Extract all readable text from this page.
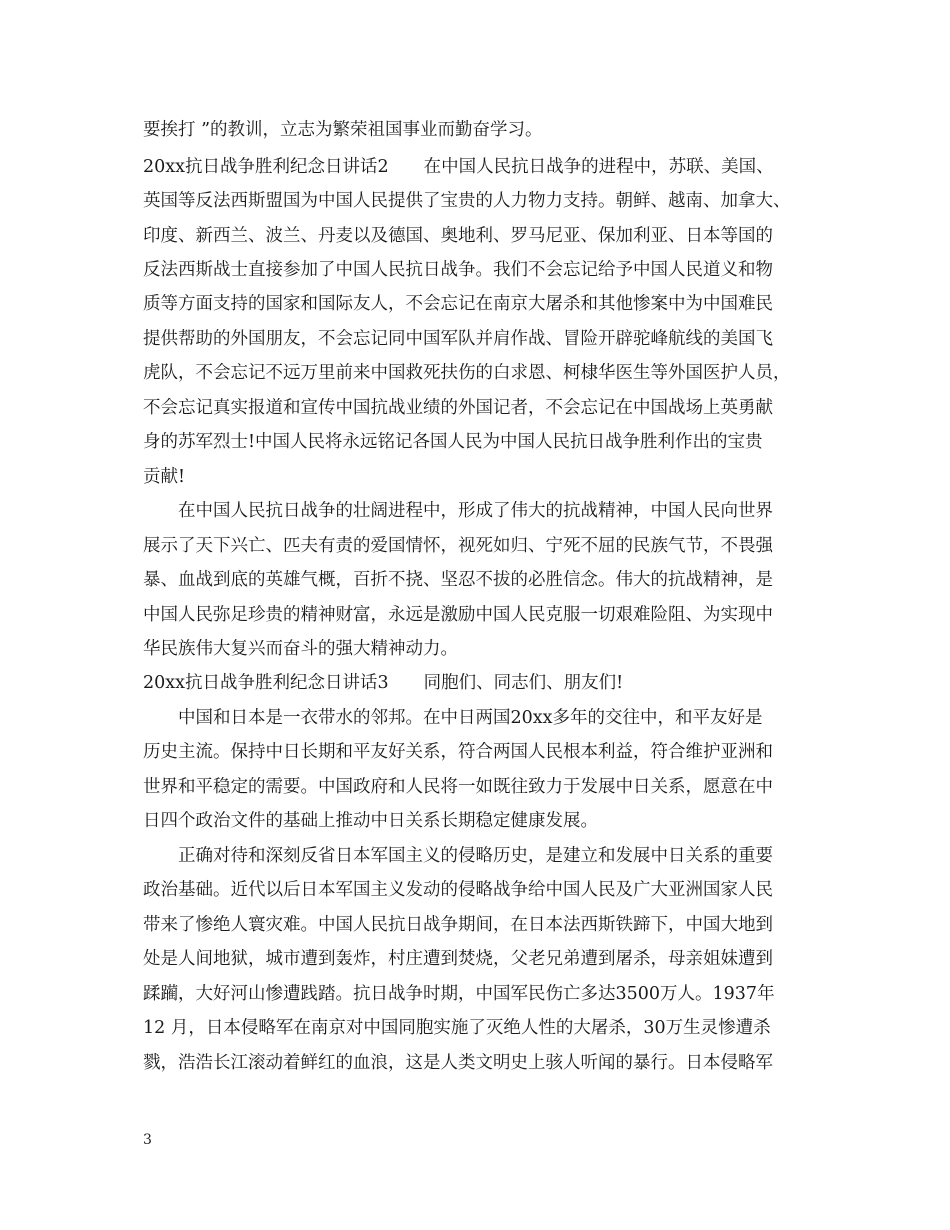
要挨打 ”的教训，立志为繁荣祖国事业而勤奋学习。
20xx抗日战争胜利纪念日讲话2　　在中国人民抗日战争的进程中，苏联、美国、
英国等反法西斯盟国为中国人民提供了宝贵的人力物力支持。朝鲜、越南、加拿大、
印度、新西兰、波兰、丹麦以及德国、奥地利、罗马尼亚、保加利亚、日本等国的
反法西斯战士直接参加了中国人民抗日战争。我们不会忘记给予中国人民道义和物
质等方面支持的国家和国际友人，不会忘记在南京大屠杀和其他惨案中为中国难民
提供帮助的外国朋友，不会忘记同中国军队并肩作战、冒险开辟驼峰航线的美国飞
虎队，不会忘记不远万里前来中国救死扶伤的白求恩、柯棣华医生等外国医护人员，
不会忘记真实报道和宣传中国抗战业绩的外国记者，不会忘记在中国战场上英勇献
身的苏军烈士!中国人民将永远铭记各国人民为中国人民抗日战争胜利作出的宝贵
贡献!
在中国人民抗日战争的壮阔进程中，形成了伟大的抗战精神，中国人民向世界
展示了天下兴亡、匹夫有责的爱国情怀，视死如归、宁死不屈的民族气节，不畏强
暴、血战到底的英雄气概，百折不挠、坚忍不拔的必胜信念。伟大的抗战精神，是
中国人民弥足珍贵的精神财富，永远是激励中国人民克服一切艰难险阻、为实现中
华民族伟大复兴而奋斗的强大精神动力。
20xx抗日战争胜利纪念日讲话3　　同胞们、同志们、朋友们!
中国和日本是一衣带水的邻邦。在中日两国20xx多年的交往中，和平友好是
历史主流。保持中日长期和平友好关系，符合两国人民根本利益，符合维护亚洲和
世界和平稳定的需要。中国政府和人民将一如既往致力于发展中日关系，愿意在中
日四个政治文件的基础上推动中日关系长期稳定健康发展。
正确对待和深刻反省日本军国主义的侵略历史，是建立和发展中日关系的重要
政治基础。近代以后日本军国主义发动的侵略战争给中国人民及广大亚洲国家人民
带来了惨绝人寰灾难。中国人民抗日战争期间，在日本法西斯铁蹄下，中国大地到
处是人间地狱，城市遭到轰炸，村庄遭到焚烧，父老兄弟遭到屠杀，母亲姐妹遭到
蹂躏，大好河山惨遭践踏。抗日战争时期，中国军民伤亡多达3500万人。1937年
12 月，日本侵略军在南京对中国同胞实施了灭绝人性的大屠杀，30万生灵惨遭杀
戮，浩浩长江滚动着鲜红的血浪，这是人类文明史上骇人听闻的暴行。日本侵略军
3
